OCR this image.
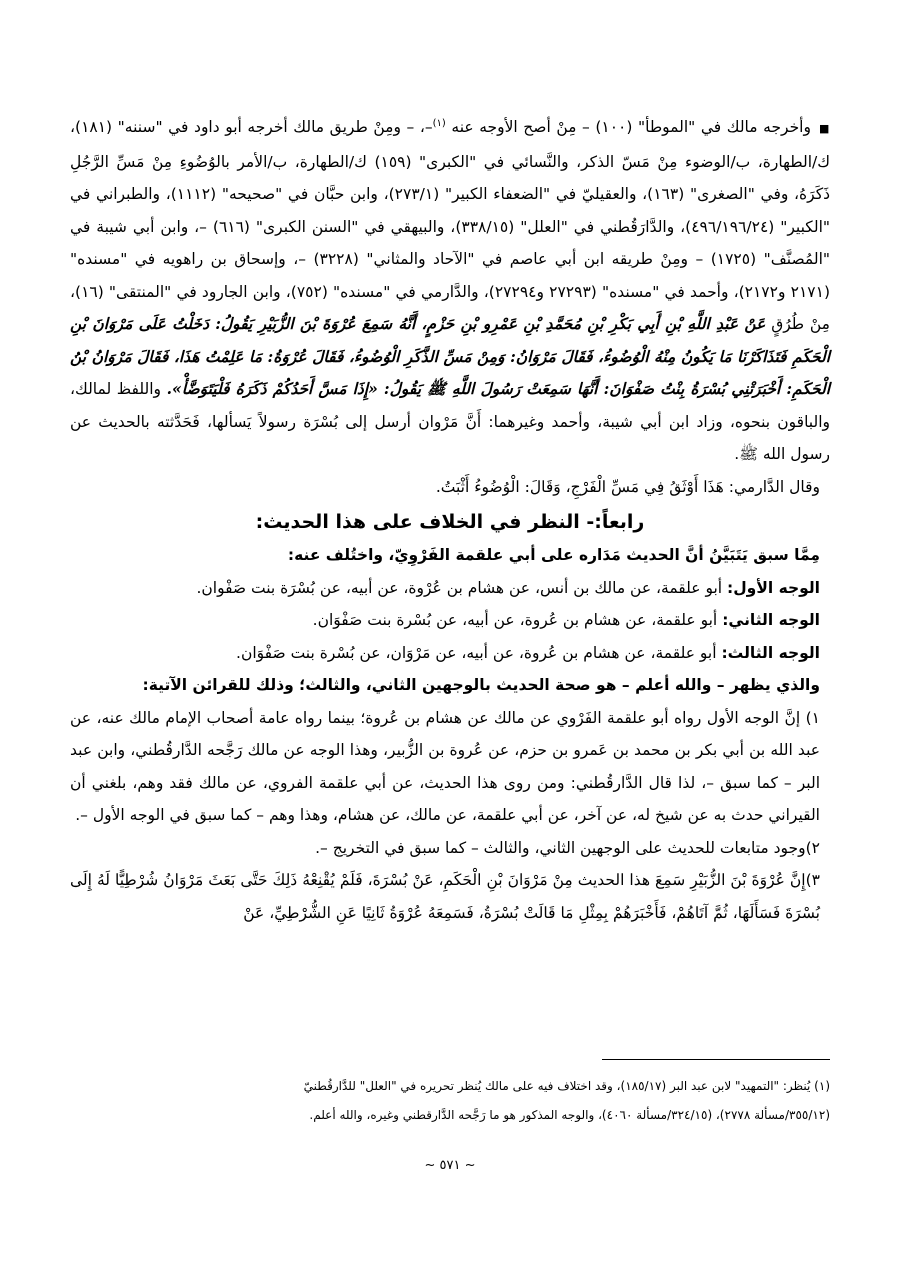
■وأخرجه مالك في "الموطأ" (١٠٠) – مِنْ أصح الأوجه عنه $^{(١)}$–، – ومِنْ طريق مالك أخرجه أبو داود في "سننه" (١٨١)، ك/الطهارة، ب/الوضوء مِنْ مَسّ الذكر، والنَّسائي في "الكبرى" (١٥٩) ك/الطهارة، ب/الأمر بالوُضُوءِ مِنْ مَسِّ الرَّجُلِ ذَكَرَهُ، وفي "الصغرى" (١٦٣)، والعقيليّ في "الضعفاء الكبير" (٢٧٣/١)، وابن حبَّان في "صحيحه" (١١١٢)، والطبراني في "الكبير" (٤٩٦/١٩٦/٢٤)، والدَّارَقُطني في "العلل" (٣٣٨/١٥)، والبيهقي في "السنن الكبرى" (٦١٦) –، وابن أبي شيبة في "المُصنَّف" (١٧٢٥) – ومِنْ طريقه ابن أبي عاصم في "الآحاد والمثاني" (٣٢٢٨) –، وإسحاق بن راهويه في "مسنده" (٢١٧١ و٢١٧٢)، وأحمد في "مسنده" (٢٧٢٩٣ و٢٧٢٩٤)، والدَّارمي في "مسنده" (٧٥٢)، وابن الجارود في "المنتقى" (١٦)، مِنْ طُرُقٍ عَنْ عَبْدِ اللَّهِ بْنِ أَبِي بَكْرِ بْنِ مُحَمَّدِ بْنِ عَمْرِو بْنِ حَزْمٍ، أَنَّهُ سَمِعَ عُرْوَةَ بْنَ الزُّبَيْرِ يَقُولُ: دَخَلْتُ عَلَى مَرْوَانَ بْنِ الْحَكَمِ فَتَذَاكَرْنَا مَا يَكُونُ مِنْهُ الْوُضُوءُ، فَقَالَ مَرْوَانُ: وَمِنْ مَسِّ الذَّكَرِ الْوُضُوءُ، فَقَالَ عُرْوَةُ: مَا عَلِمْتُ هَذَا، فَقَالَ مَرْوَانُ بْنُ الْحَكَمِ: أَخْبَرَتْنِي بُسْرَةُ بِنْتُ صَفْوَانَ: أَنَّهَا سَمِعَتْ رَسُولَ اللَّهِ ﷺ يَقُولُ: «إِذَا مَسَّ أَحَدُكُمْ ذَكَرَهُ فَلْيَتَوَضَّأْ». واللفظ لمالك، والباقون بنحوه، وزاد ابن أبي شيبة، وأحمد وغيرهما: أَنَّ مَرْوان أرسل إلى بُسْرَة رسولاً يَسألها، فَحَدَّثته بالحديث عن رسول الله ﷺ.

وقال الدَّارمي: هَذَا أَوْثَقُ فِي مَسِّ الْفَرْجِ، وَقَالَ: الْوُضُوءُ أَثْبَتُ.

رابعاً:- النظر في الخلاف على هذا الحديث:

مِمَّا سبق يَتَبَيَّنُ أنَّ الحديث مَدَاره على أبي علقمة الفَرْوِيّ، واختُلف عنه:

الوجه الأول: أبو علقمة، عن مالك بن أنس، عن هشام بن عُرْوة، عن أبيه، عن بُسْرَة بنت صَفْوان.

الوجه الثاني: أبو علقمة، عن هشام بن عُروة، عن أبيه، عن بُسْرة بنت صَفْوَان.

الوجه الثالث: أبو علقمة، عن هشام بن عُروة، عن أبيه، عن مَرْوَان، عن بُسْرة بنت صَفْوَان.

والذي يظهر – والله أعلم – هو صحة الحديث بالوجهين الثاني، والثالث؛ وذلك للقرائن الآتية:

١) إنَّ الوجه الأول رواه أبو علقمة الفَرْوي عن مالك عن هشام بن عُروة؛ بينما رواه عامة أصحاب الإمام مالك عنه، عن عبد الله بن أبي بكر بن محمد بن عَمرو بن حزم، عن عُروة بن الزُّبير، وهذا الوجه عن مالك رَجَّحه الدَّارقُطني، وابن عبد البر – كما سبق –، لذا قال الدَّارقُطني: ومن روى هذا الحديث، عن أبي علقمة الفروي، عن مالك فقد وهم، بلغني أن القيراني حدث به عن شيخ له، عن آخر، عن أبي علقمة، عن مالك، عن هشام، وهذا وهم – كما سبق في الوجه الأول –.

٢)وجود متابعات للحديث على الوجهين الثاني، والثالث – كما سبق في التخريج –.

٣)إِنَّ عُرْوَةَ بْنَ الزُّبَيْرِ سَمِعَ هذا الحديث مِنْ مَرْوَانَ بْنِ الْحَكَمِ، عَنْ بُسْرَةَ، فَلَمْ يُقْنِعْهُ ذَلِكَ حَتَّى بَعَثَ مَرْوَانُ شُرْطِيًّا لَهُ إِلَى بُسْرَةَ فَسَأَلَهَا، ثُمَّ آتَاهُمْ، فَأَخْبَرَهُمْ بِمِثْلِ مَا قَالَتْ بُسْرَةُ، فَسَمِعَهُ عُرْوَةُ ثَانِيًا عَنِ الشُّرْطِيِّ، عَنْ

(١) يُنظر: "التمهيد" لابن عبد البر (١٨٥/١٧)، وقد اختلاف فيه على مالك يُنظر تحريره في "العلل" للدَّارقُطنيّ

(٣٥٥/١٢/مسألة ٢٧٧٨)، (٣٢٤/١٥/مسألة ٤٠٦٠)، والوجه المذكور هو ما رَجَّحه الدَّارقطني وغيره، والله أعلم.

~ ٥٧١ ~
